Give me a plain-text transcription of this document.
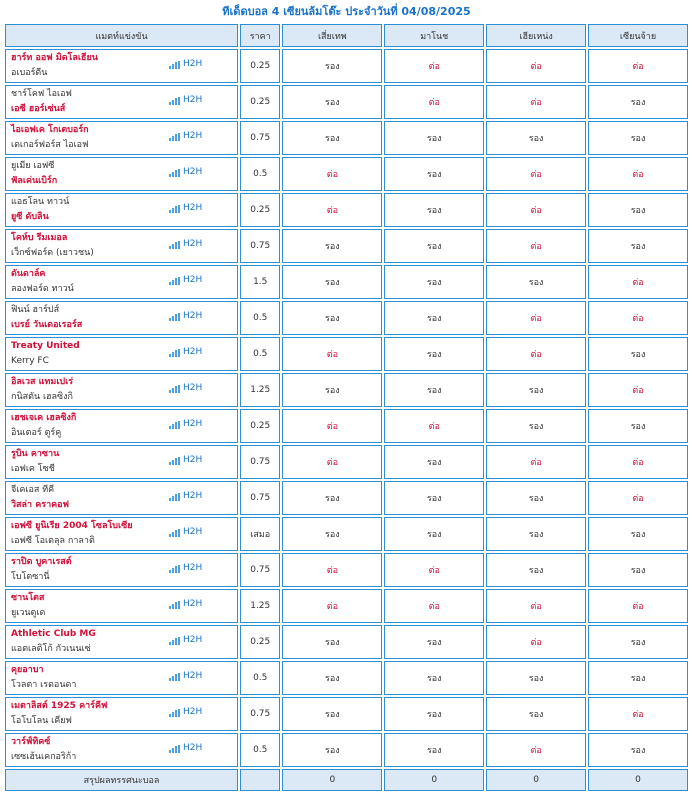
ทีเด็ดบอล 4 เซียนล้มโต๊ะ ประจำวันที่ 04/08/2025
แมตท์แข่งขัน	ราคา	เสี่ยเทพ	มาโนช	เฮียเหน่ง	เซียนจ้าย

ฮาร์ท ออฟ มิดโลเธียน
อเบอร์ดีน
H2H	0.25	รอง	ต่อ	ต่อ	ต่อ

ชาร์โคฟ ไอเอฟ
เอซี ฮอร์เซ่นส์
H2H	0.25	รอง	ต่อ	ต่อ	รอง

ไอเอฟเค โกเตบอร์ก
เดเกอร์ฟอร์ส ไอเอฟ
H2H	0.75	รอง	รอง	รอง	รอง

ยูเมีย เอฟซี
ฟัลเค่นเบิร์ก
H2H	0.5	ต่อ	รอง	ต่อ	ต่อ

แอธโลน ทาวน์
ยูซี ดับลิน
H2H	0.25	ต่อ	รอง	ต่อ	รอง

โคห์บ รีมเมอล
เว็กซ์ฟอร์ด (เยาวชน)
H2H	0.75	รอง	รอง	ต่อ	รอง

ดันดาล์ค
ลองฟอร์ด ทาวน์
H2H	1.5	รอง	รอง	รอง	ต่อ

ฟินน์ ฮาร์ปส์
เบรย์ วันเดอเรอร์ส
H2H	0.5	รอง	รอง	ต่อ	ต่อ

Treaty United
Kerry FC
H2H	0.5	ต่อ	รอง	ต่อ	รอง

อิลเวส แทมเปเร่
กนิสตัน เฮลซิงกิ
H2H	1.25	รอง	รอง	รอง	ต่อ

เฮชเจเค เฮลซิงกิ
อินเตอร์ ตูร์คู
H2H	0.25	ต่อ	ต่อ	รอง	รอง

รูบิน คาซาน
เอฟเค โซชี
H2H	0.75	ต่อ	รอง	ต่อ	ต่อ

จีเคเอส ทีคี
วิสล่า คราคอฟ
H2H	0.75	รอง	รอง	รอง	ต่อ

เอฟซี ยูนิเรีย 2004 โซลโบเซีย
เอฟซี โอเตลุล กาลาติ
H2H	เสมอ	รอง	รอง	รอง	รอง

ราปิด บูคาเรสต์
โบโตซานี่
H2H	0.75	ต่อ	ต่อ	รอง	รอง

ซานโตส
ยูเวนตูเด
H2H	1.25	ต่อ	ต่อ	ต่อ	ต่อ

Athletic Club MG
แอตเลติโก้ กัวเนนเซ่
H2H	0.25	รอง	รอง	ต่อ	รอง

คุยอาบา
โวลตา เรดอนดา
H2H	0.5	รอง	รอง	รอง	รอง

เมตาลิสต์ 1925 คาร์คีฟ
โอโบโลน เคียฟ
H2H	0.75	รอง	รอง	รอง	ต่อ

วาร์ฟ์ทิคซ์
เซซเฮ้นเคกอริก้า
H2H	0.5	รอง	รอง	ต่อ	รอง
สรุปผลทรรศนะบอล		0	0	0	0
